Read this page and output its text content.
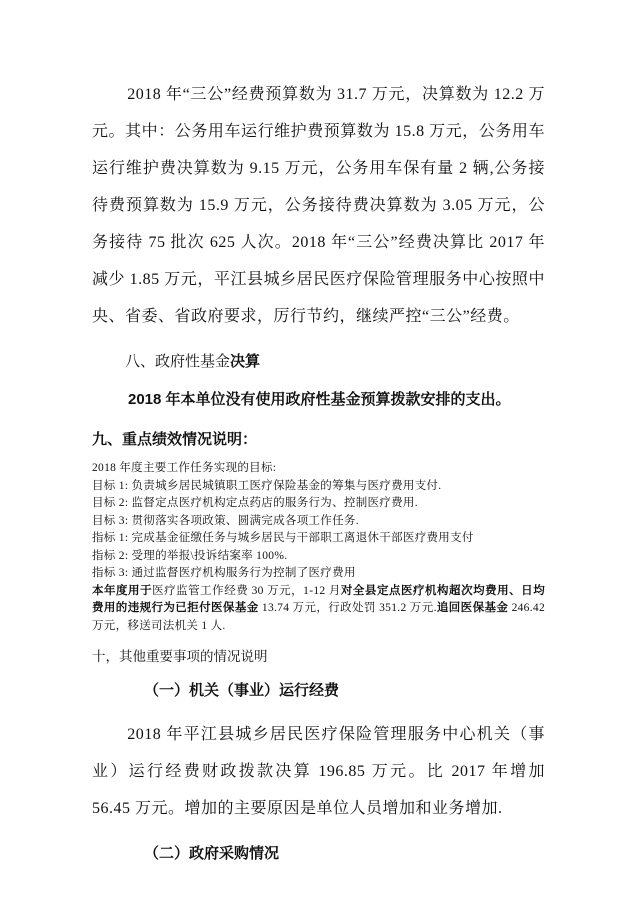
2018 年“三公”经费预算数为 31.7 万元，决算数为 12.2 万元。其中：公务用车运行维护费预算数为 15.8 万元，公务用车运行维护费决算数为 9.15 万元，公务用车保有量 2 辆,公务接待费预算数为 15.9 万元，公务接待费决算数为 3.05 万元，公务接待 75 批次 625 人次。2018 年“三公”经费决算比 2017 年减少 1.85 万元，平江县城乡居民医疗保险管理服务中心按照中央、省委、省政府要求，厉行节约，继续严控“三公”经费。

八、政府性基金决算

2018 年本单位没有使用政府性基金预算拨款安排的支出。

九、重点绩效情况说明：
2018 年度主要工作任务实现的目标:
目标 1: 负责城乡居民城镇职工医疗保险基金的筹集与医疗费用支付.
目标 2: 监督定点医疗机构定点药店的服务行为、控制医疗费用.
目标 3: 贯彻落实各项政策、圆满完成各项工作任务.
指标 1: 完成基金征缴任务与城乡居民与干部职工离退休干部医疗费用支付
指标 2: 受理的举报\投诉结案率 100%.
指标 3: 通过监督医疗机构服务行为控制了医疗费用

本年度用于医疗监管工作经费 30 万元，1-12 月对全县定点医疗机构超次均费用、日均费用的违规行为已拒付医保基金 13.74 万元，行政处罚 351.2 万元.追回医保基金 246.42 万元，移送司法机关 1 人.

十，其他重要事项的情况说明
（一）机关（事业）运行经费

2018 年平江县城乡居民医疗保险管理服务中心机关（事业）运行经费财政拨款决算 196.85 万元。比 2017 年增加 56.45 万元。增加的主要原因是单位人员增加和业务增加.

（二）政府采购情况
